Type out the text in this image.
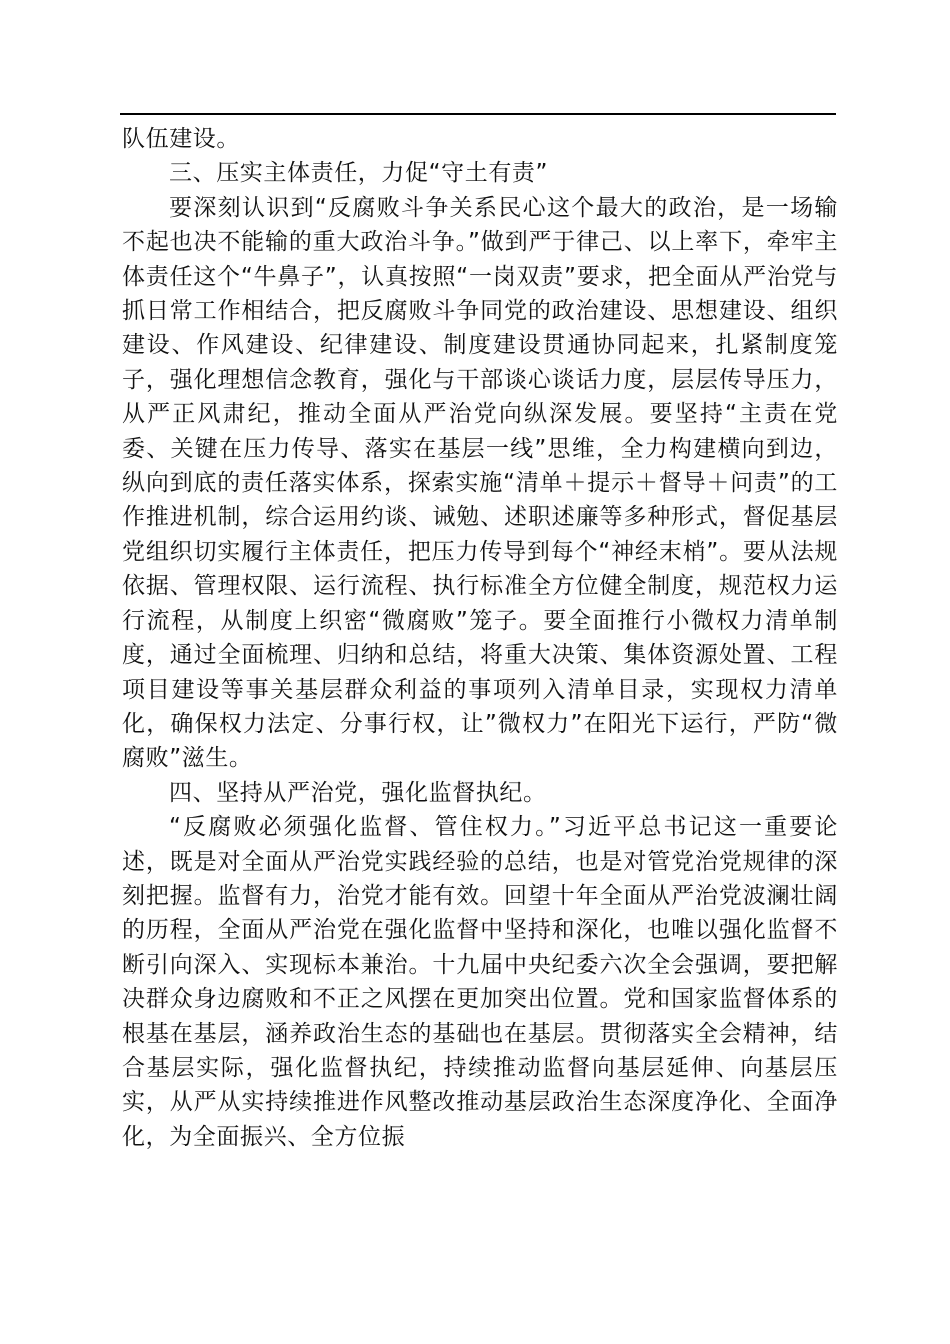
队伍建设。

三、压实主体责任，力促“守土有责”

要深刻认识到“反腐败斗争关系民心这个最大的政治，是一场输不起也决不能输的重大政治斗争。”做到严于律己、以上率下，牵牢主体责任这个“牛鼻子”，认真按照“一岗双责”要求，把全面从严治党与抓日常工作相结合，把反腐败斗争同党的政治建设、思想建设、组织建设、作风建设、纪律建设、制度建设贯通协同起来，扎紧制度笼子，强化理想信念教育，强化与干部谈心谈话力度，层层传导压力，从严正风肃纪，推动全面从严治党向纵深发展。要坚持“主责在党委、关键在压力传导、落实在基层一线”思维，全力构建横向到边，纵向到底的责任落实体系，探索实施“清单＋提示＋督导＋问责”的工作推进机制，综合运用约谈、诫勉、述职述廉等多种形式，督促基层党组织切实履行主体责任，把压力传导到每个“神经末梢”。要从法规依据、管理权限、运行流程、执行标准全方位健全制度，规范权力运行流程，从制度上织密“微腐败”笼子。要全面推行小微权力清单制度，通过全面梳理、归纳和总结，将重大决策、集体资源处置、工程项目建设等事关基层群众利益的事项列入清单目录，实现权力清单化，确保权力法定、分事行权，让”微权力”在阳光下运行，严防“微腐败”滋生。

四、坚持从严治党，强化监督执纪。

“反腐败必须强化监督、管住权力。”习近平总书记这一重要论述，既是对全面从严治党实践经验的总结，也是对管党治党规律的深刻把握。监督有力，治党才能有效。回望十年全面从严治党波澜壮阔的历程，全面从严治党在强化监督中坚持和深化，也唯以强化监督不断引向深入、实现标本兼治。十九届中央纪委六次全会强调，要把解决群众身边腐败和不正之风摆在更加突出位置。党和国家监督体系的根基在基层，涵养政治生态的基础也在基层。贯彻落实全会精神，结合基层实际，强化监督执纪，持续推动监督向基层延伸、向基层压实，从严从实持续推进作风整改推动基层政治生态深度净化、全面净化，为全面振兴、全方位振
